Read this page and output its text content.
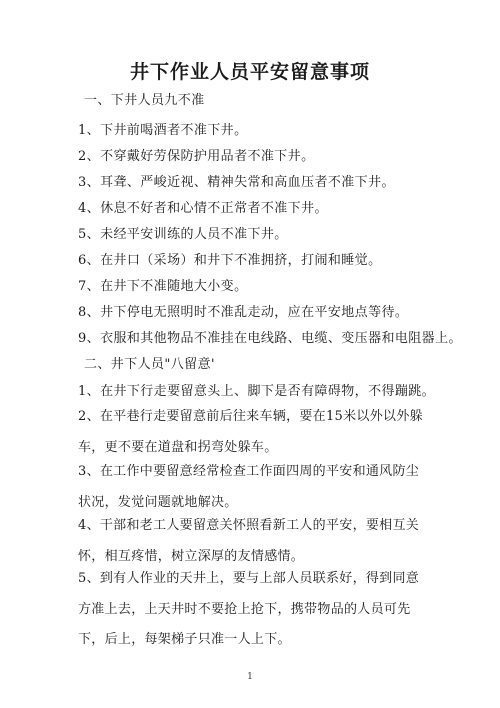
井下作业人员平安留意事项
一、下井人员九不准
1、下井前喝酒者不准下井。
2、不穿戴好劳保防护用品者不准下井。
3、耳聋、严峻近视、精神失常和高血压者不准下井。
4、休息不好者和心情不正常者不准下井。
5、未经平安训练的人员不准下井。
6、在井口（采场）和井下不准拥挤，打闹和睡觉。
7、在井下不准随地大小变。
8、井下停电无照明时不准乱走动，应在平安地点等待。
9、衣服和其他物品不准挂在电线路、电缆、变压器和电阻器上。
二、井下人员"八留意'
1、在井下行走要留意头上、脚下是否有障碍物，不得蹦跳。
2、在平巷行走要留意前后往来车辆，要在15米以外以外躲车，更不要在道盘和拐弯处躲车。
3、在工作中要留意经常检查工作面四周的平安和通风防尘状况，发觉问题就地解决。
4、干部和老工人要留意关怀照看新工人的平安，要相互关怀，相互疼惜，树立深厚的友情感情。
5、到有人作业的天井上，要与上部人员联系好，得到同意方准上去，上天井时不要抢上抢下，携带物品的人员可先下，后上，每架梯子只准一人上下。
1
